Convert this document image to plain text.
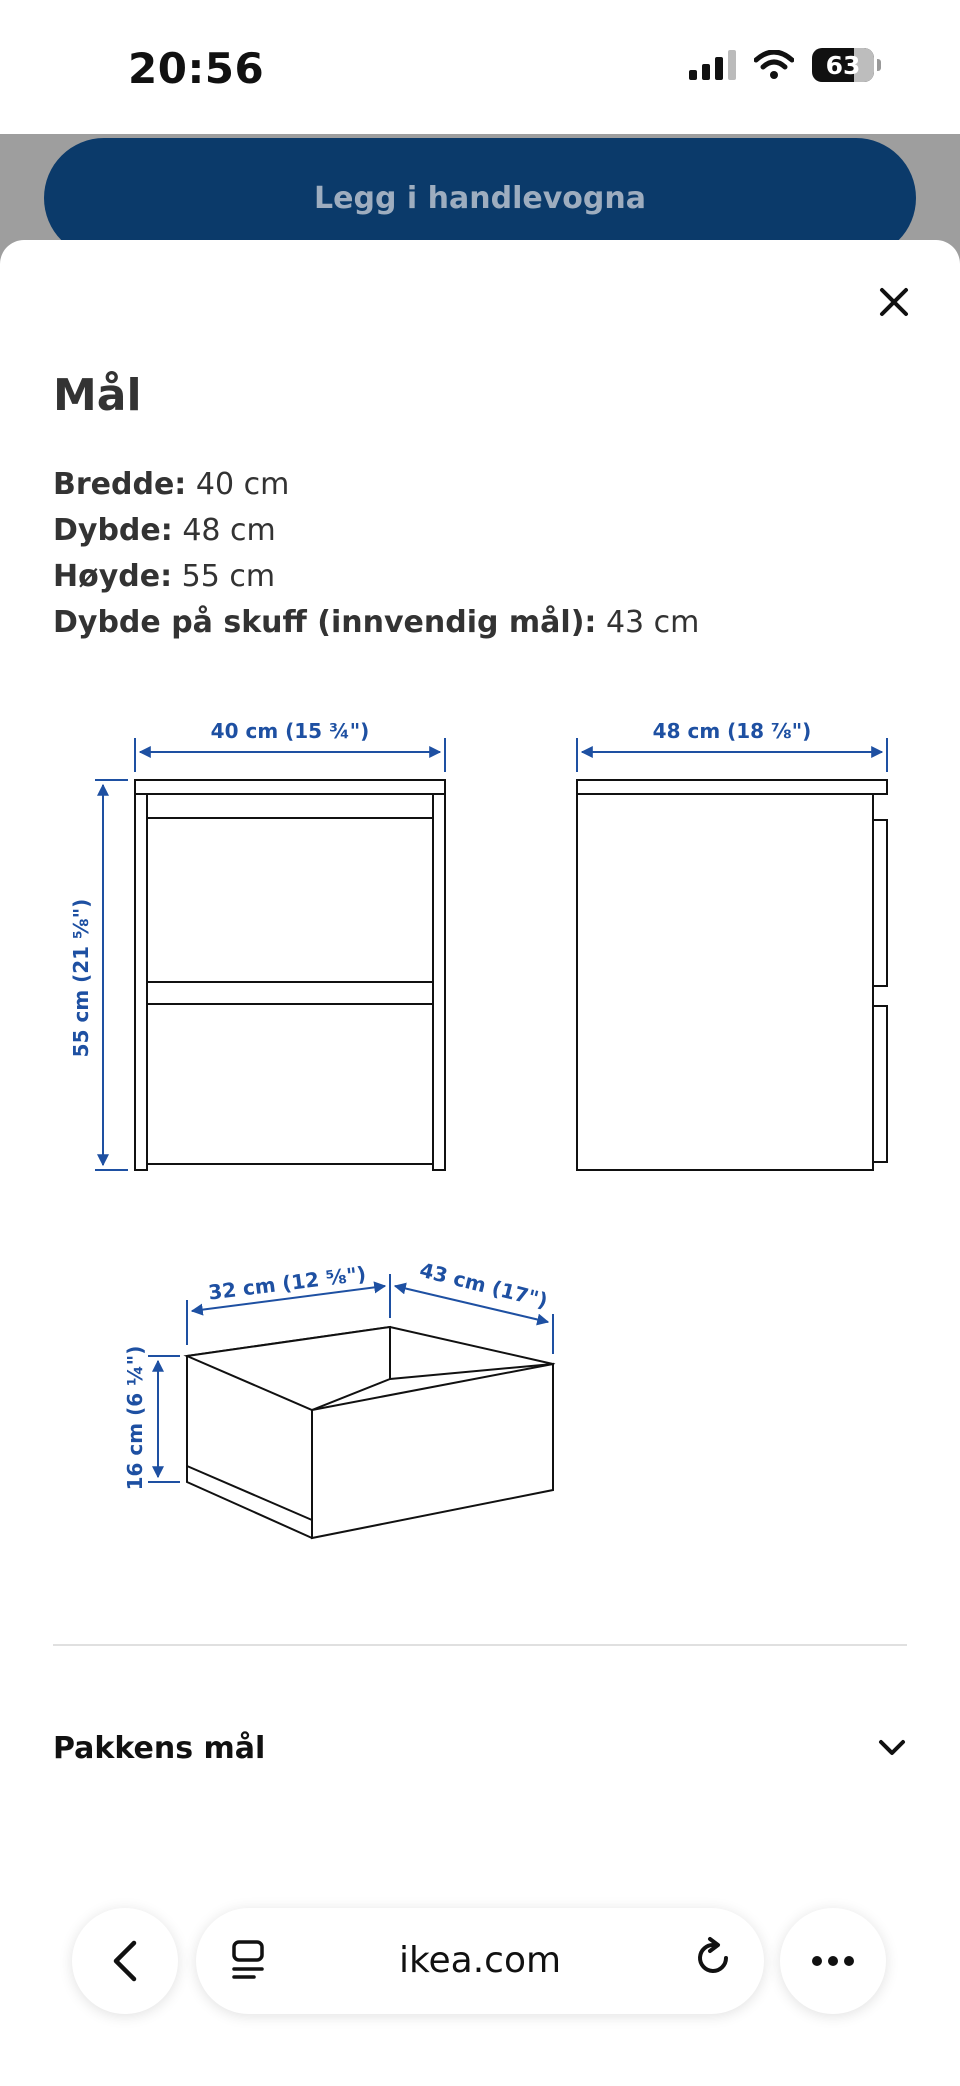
20:56	63
Legg i handlevogna
Mål
Bredde: 40 cm
Dybde: 48 cm
Høyde: 55 cm
Dybde på skuff (innvendig mål): 43 cm
40 cm (15 ¾")
55 cm (21 ⅝")
48 cm (18 ⅞")
32 cm (12 ⅝") 43 cm (17")
16 cm (6 ¼")
Pakkens mål
ikea.com
